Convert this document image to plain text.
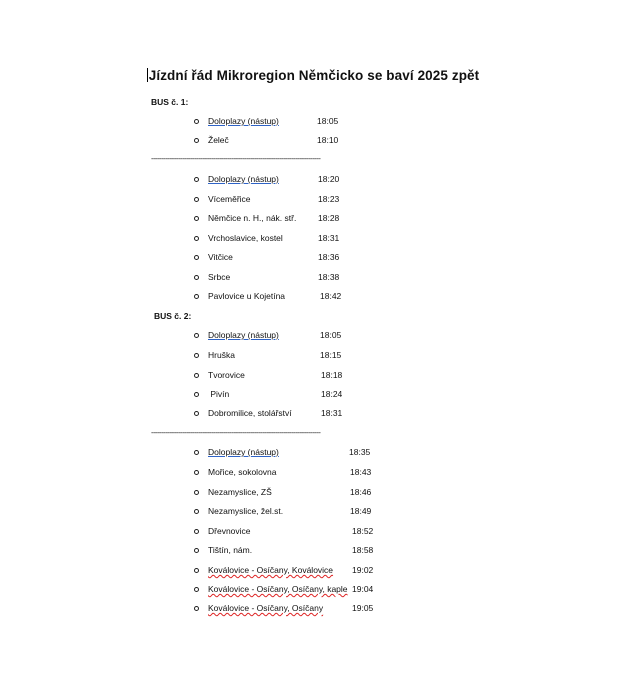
Jízdní řád Mikroregion Němčicko se baví 2025 zpět
BUS č. 1:
Doloplazy (nástup)	18:05
Želeč	18:10
----------------------------------------------------------------------------------
Doloplazy (nástup)	18:20
Víceměřice	18:23
Němčice n. H., nák. stř.	18:28
Vrchoslavice, kostel	18:31
Vitčice	18:36
Srbce	18:38
Pavlovice u Kojetína	18:42
BUS č. 2:
Doloplazy (nástup)	18:05
Hruška	18:15
Tvorovice	18:18
Pivín	18:24
Dobromilice, stolářství	18:31
----------------------------------------------------------------------------------
Doloplazy (nástup)	18:35
Mořice, sokolovna	18:43
Nezamyslice, ZŠ	18:46
Nezamyslice, žel.st.	18:49
Dřevnovice	18:52
Tištín, nám.	18:58
Koválovice - Osíčany, Koválovice 19:02
Koválovice - Osíčany, Osíčany, kaple 19:04
Koválovice - Osíčany, Osíčany	19:05
